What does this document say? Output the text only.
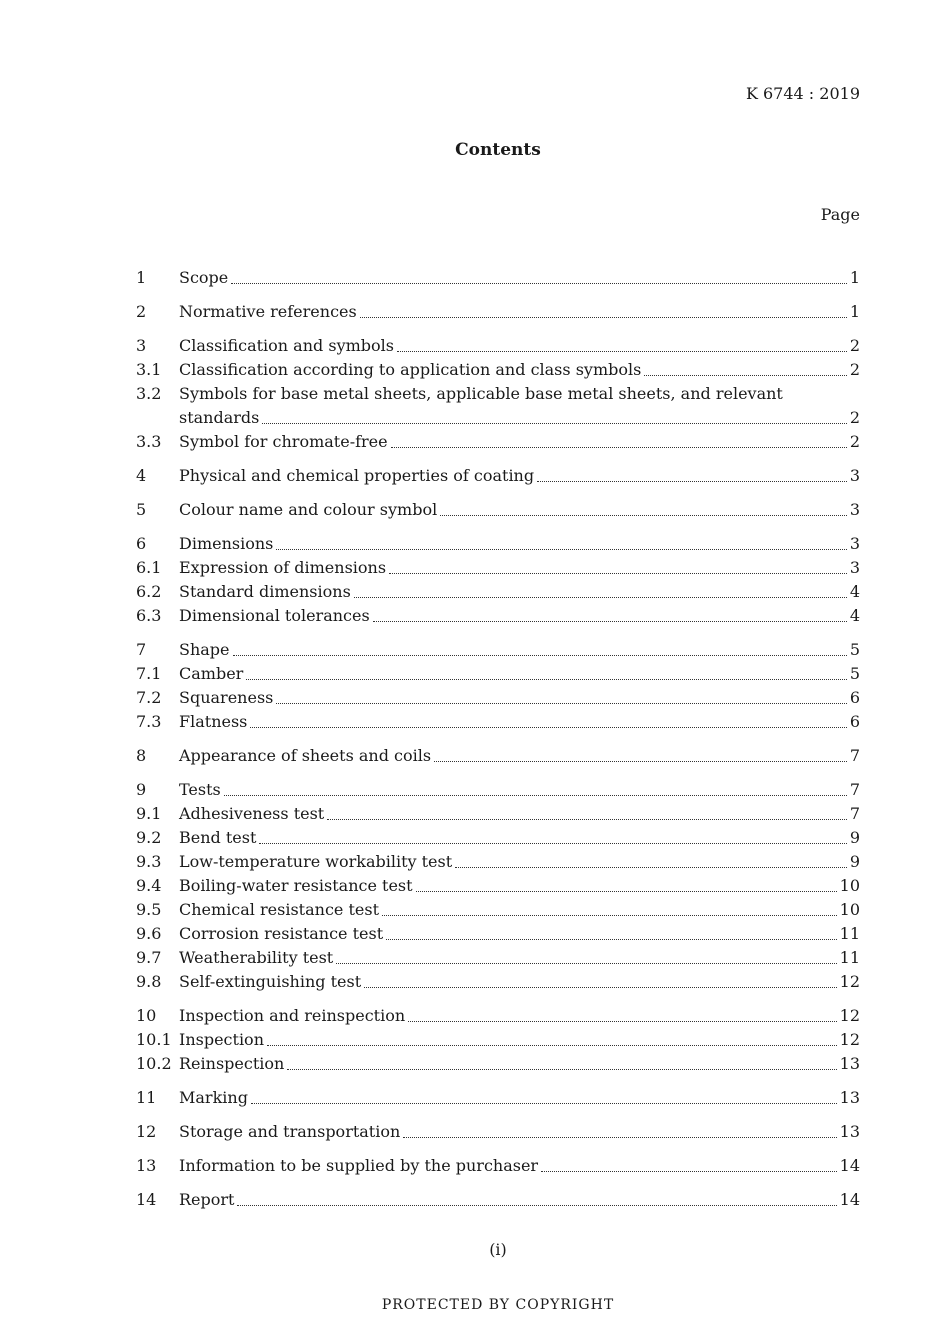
K 6744 : 2019
Contents
Page
1	Scope	1
2	Normative references	1
3	Classification and symbols	2
3.1	Classification according to application and class symbols	2
3.2	Symbols for base metal sheets, applicable base metal sheets, and relevant
standards	2
3.3	Symbol for chromate-free	2
4	Physical and chemical properties of coating	3
5	Colour name and colour symbol	3
6	Dimensions	3
6.1	Expression of dimensions	3
6.2	Standard dimensions	4
6.3	Dimensional tolerances	4
7	Shape	5
7.1	Camber	5
7.2	Squareness	6
7.3	Flatness	6
8	Appearance of sheets and coils	7
9	Tests	7
9.1	Adhesiveness test	7
9.2	Bend test	9
9.3	Low-temperature workability test	9
9.4	Boiling-water resistance test	10
9.5	Chemical resistance test	10
9.6	Corrosion resistance test	11
9.7	Weatherability test	11
9.8	Self-extinguishing test	12
10	Inspection and reinspection	12
10.1 Inspection	12
10.2 Reinspection	13
11	Marking	13
12	Storage and transportation	13
13	Information to be supplied by the purchaser	14
14	Report	14
(i)
PROTECTED BY COPYRIGHT
